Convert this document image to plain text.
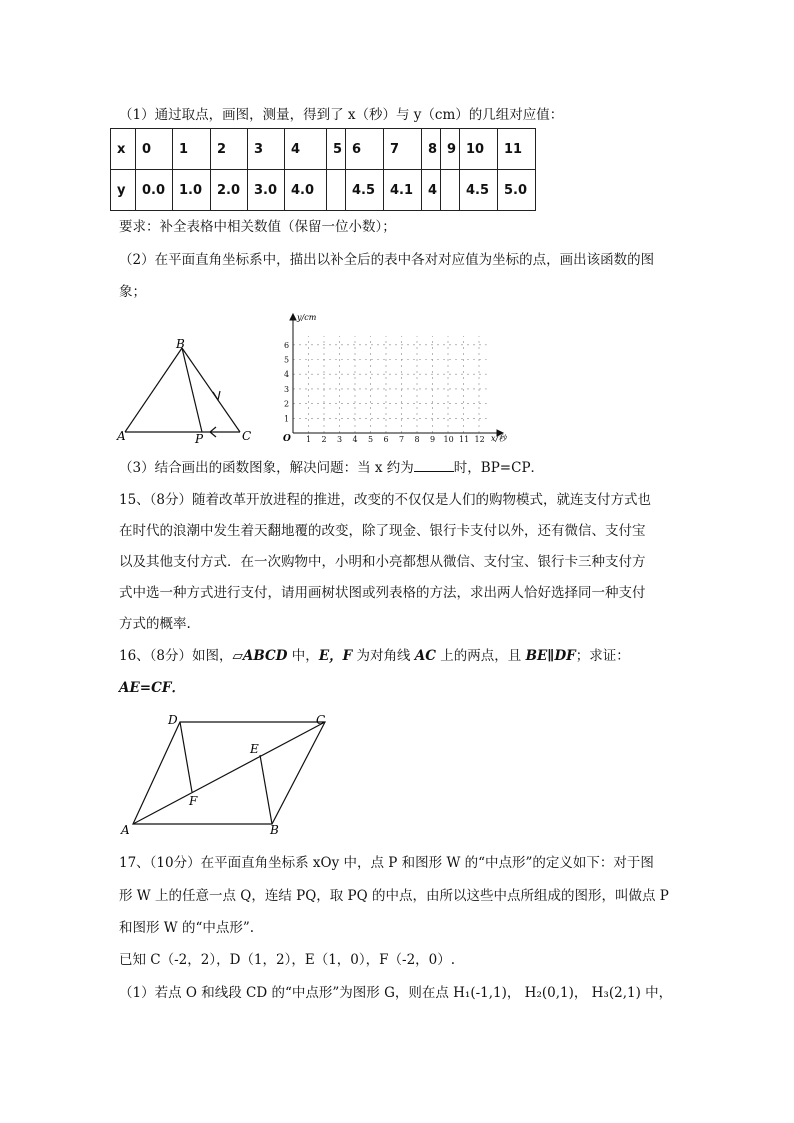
（1）通过取点，画图，测量，得到了 x（秒）与 y（cm）的几组对应值：
x	0	1	2	3	4	5	6	7	8	9	10	11
y	0.0	1.0	2.0	3.0	4.0		4.5	4.1	4		4.5	5.0
要求：补全表格中相关数值（保留一位小数）；
（2）在平面直角坐标系中，描出以补全后的表中各对对应值为坐标的点，画出该函数的图
象；
B
A	C
P	1 2 3 4 5 6 7 8 9 10 11 12
1
2
3
4
5
6
y/cm
x/秒
O
（3）结合画出的函数图象，解决问题：当 x 约为	时，BP=CP．
15、（8分）随着改革开放进程的推进，改变的不仅仅是人们的购物模式，就连支付方式也
在时代的浪潮中发生着天翻地覆的改变，除了现金、银行卡支付以外，还有微信、支付宝
以及其他支付方式．在一次购物中，小明和小亮都想从微信、支付宝、银行卡三种支付方
式中选一种方式进行支付，请用画树状图或列表格的方法，求出两人恰好选择同一种支付
方式的概率.
16、（8分）如图，▱ABCD 中，E，F 为对角线 AC 上的两点，且 BE∥DF；求证：
AE=CF．
D	C
E
F
A	B
17、（10分）在平面直角坐标系 xOy 中，点 P 和图形 W 的“中点形”的定义如下：对于图
形 W 上的任意一点 Q，连结 PQ，取 PQ 的中点，由所以这些中点所组成的图形，叫做点 P
和图形 W 的“中点形”.
已知 C（-2，2），D（1，2），E（1，0），F（-2，0）.
（1）若点 O 和线段 CD 的“中点形”为图形 G，则在点 H₁(-1,1)， H₂(0,1)， H₃(2,1) 中，
